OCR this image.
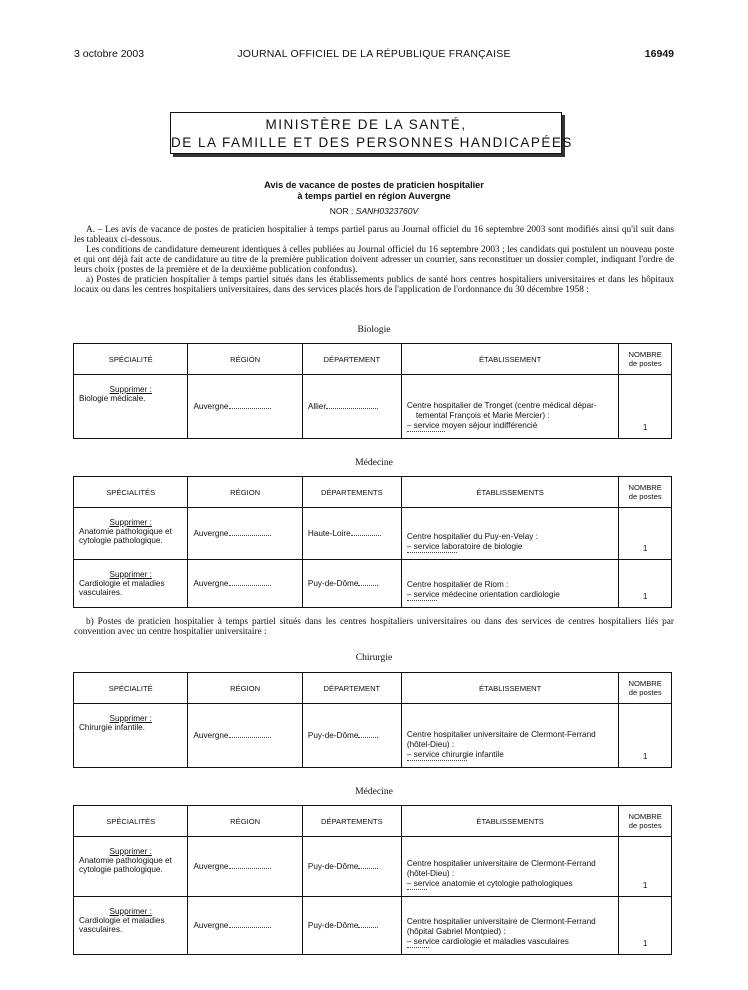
3 octobre 2003	JOURNAL OFFICIEL DE LA RÉPUBLIQUE FRANÇAISE	16949
MINISTÈRE DE LA SANTÉ,
DE LA FAMILLE ET DES PERSONNES HANDICAPÉES
Avis de vacance de postes de praticien hospitalier
à temps partiel en région Auvergne
NOR : SANH0323760V

A. – Les avis de vacance de postes de praticien hospitalier à temps partiel parus au Journal officiel du 16 septembre 2003 sont modifiés ainsi qu'il suit dans les tableaux ci-dessous.

Les conditions de candidature demeurent identiques à celles publiées au Journal officiel du 16 septembre 2003 ; les candidats qui postulent un nouveau poste et qui ont déjà fait acte de candidature au titre de la première publication doivent adresser un courrier, sans reconstituer un dossier complet, indiquant l'ordre de leurs choix (postes de la première et de la deuxième publication confondus).

a) Postes de praticien hospitalier à temps partiel situés dans les établissements publics de santé hors centres hospitaliers universitaires et dans les hôpitaux locaux ou dans les centres hospitaliers universitaires, dans des services placés hors de l'application de l'ordonnance du 30 décembre 1958 :

Biologie
SPÉCIALITÉ	RÉGION	DÉPARTEMENT	ÉTABLISSEMENT	NOMBRE
de postes

Supprimer :
Biologie médicale.	Auvergne	Allier	Centre hospitalier de Tronget (centre médical dépar-
temental François et Marie Mercier) :
– service moyen séjour indifférencié	1
Médecine
SPÉCIALITÉS	RÉGION	DÉPARTEMENTS	ÉTABLISSEMENTS	NOMBRE
de postes

Supprimer :
Anatomie pathologique et cytologie pathologique.	Auvergne	Haute-Loire	Centre hospitalier du Puy-en-Velay :
– service laboratoire de biologie	1

Supprimer :
Cardiologie et maladies vasculaires.	Auvergne	Puy-de-Dôme	Centre hospitalier de Riom :
– service médecine orientation cardiologie	1

b) Postes de praticien hospitalier à temps partiel situés dans les centres hospitaliers universitaires ou dans des services de centres hospitaliers liés par convention avec un centre hospitalier universitaire :

Chirurgie
SPÉCIALITÉ	RÉGION	DÉPARTEMENT	ÉTABLISSEMENT	NOMBRE
de postes

Supprimer :
Chirurgie infantile.	Auvergne	Puy-de-Dôme	Centre hospitalier universitaire de Clermont-Ferrand
(hôtel-Dieu) :
– service chirurgie infantile	1
Médecine
SPÉCIALITÉS	RÉGION	DÉPARTEMENTS	ÉTABLISSEMENTS	NOMBRE
de postes

Supprimer :
Anatomie pathologique et cytologie pathologique.	Auvergne	Puy-de-Dôme	Centre hospitalier universitaire de Clermont-Ferrand
(hôtel-Dieu) :
– service anatomie et cytologie pathologiques	1

Supprimer :
Cardiologie et maladies vasculaires.	Auvergne	Puy-de-Dôme	Centre hospitalier universitaire de Clermont-Ferrand
(hôpital Gabriel Montpied) :
– service cardiologie et maladies vasculaires	1
